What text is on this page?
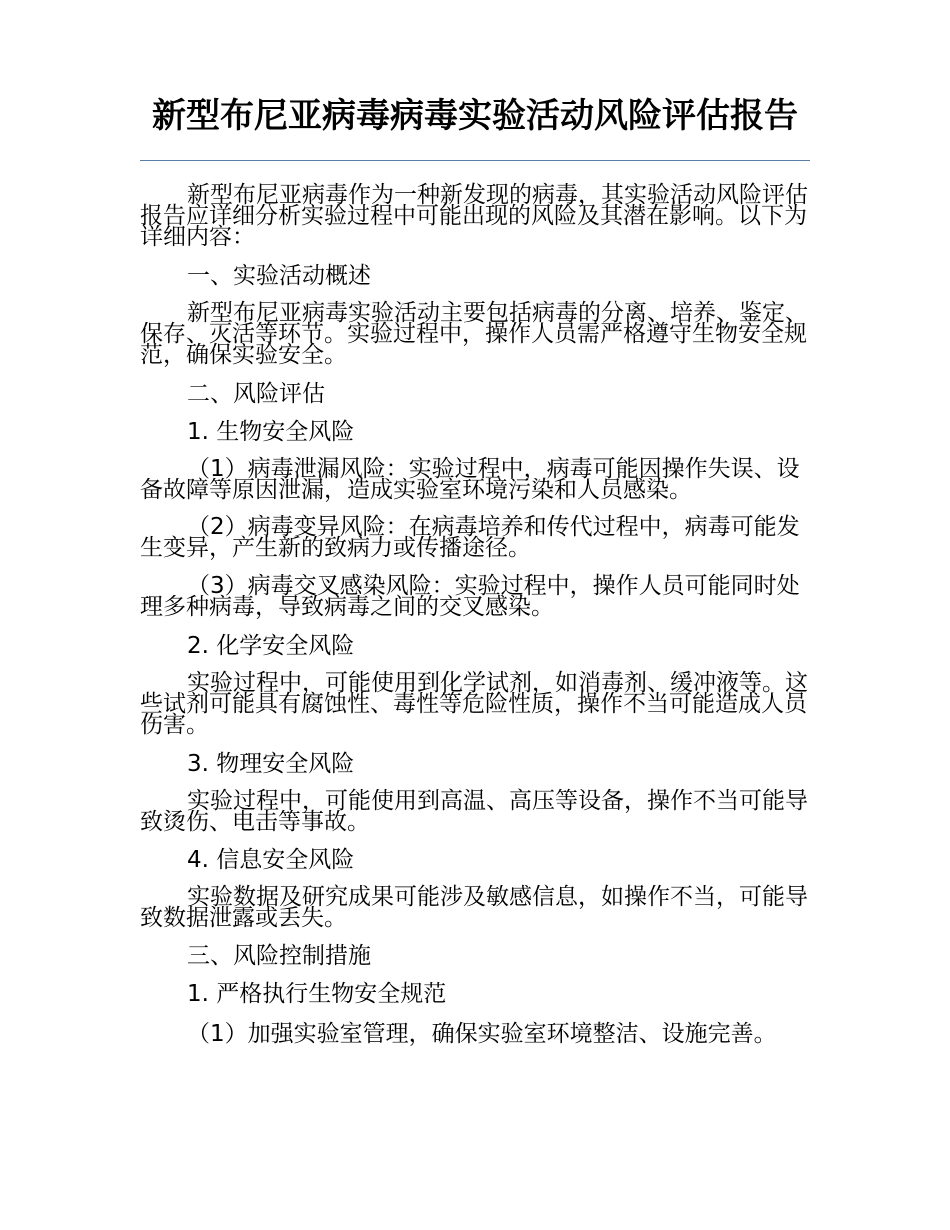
新型布尼亚病毒病毒实验活动风险评估报告

新型布尼亚病毒作为一种新发现的病毒，其实验活动风险评估报告应详细分析实验过程中可能出现的风险及其潜在影响。以下为详细内容：

一、实验活动概述

新型布尼亚病毒实验活动主要包括病毒的分离、培养、鉴定、保存、灭活等环节。实验过程中，操作人员需严格遵守生物安全规范，确保实验安全。

二、风险评估

1. 生物安全风险

（1）病毒泄漏风险：实验过程中，病毒可能因操作失误、设备故障等原因泄漏，造成实验室环境污染和人员感染。

（2）病毒变异风险：在病毒培养和传代过程中，病毒可能发生变异，产生新的致病力或传播途径。

（3）病毒交叉感染风险：实验过程中，操作人员可能同时处理多种病毒，导致病毒之间的交叉感染。

2. 化学安全风险

实验过程中，可能使用到化学试剂，如消毒剂、缓冲液等。这些试剂可能具有腐蚀性、毒性等危险性质，操作不当可能造成人员伤害。

3. 物理安全风险

实验过程中，可能使用到高温、高压等设备，操作不当可能导致烫伤、电击等事故。

4. 信息安全风险

实验数据及研究成果可能涉及敏感信息，如操作不当，可能导致数据泄露或丢失。

三、风险控制措施

1. 严格执行生物安全规范

（1）加强实验室管理，确保实验室环境整洁、设施完善。
